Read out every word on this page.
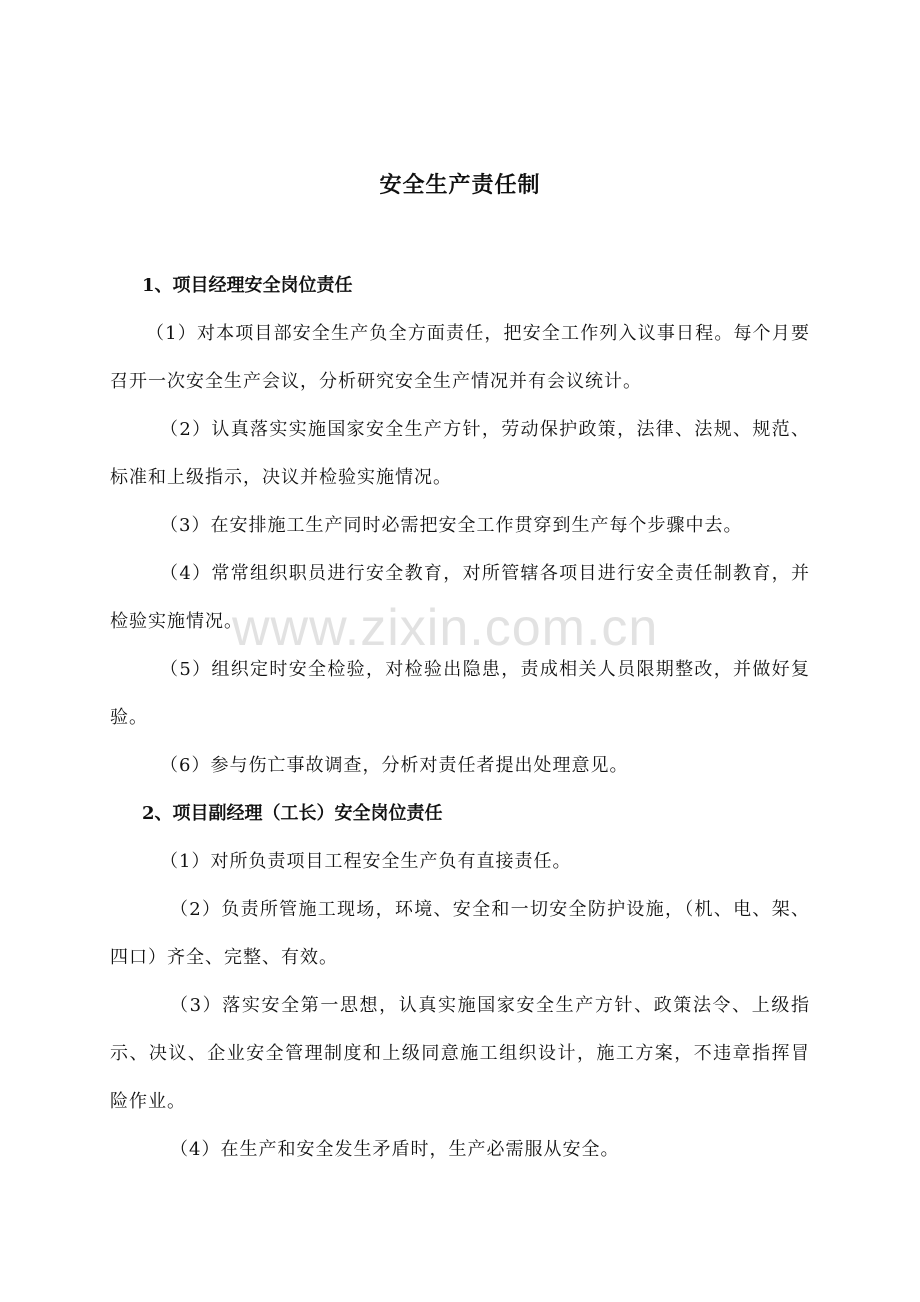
安全生产责任制
1、项目经理安全岗位责任

（1）对本项目部安全生产负全方面责任，把安全工作列入议事日程。每个月要召开一次安全生产会议，分析研究安全生产情况并有会议统计。

（2）认真落实实施国家安全生产方针，劳动保护政策，法律、法规、规范、标准和上级指示，决议并检验实施情况。

（3）在安排施工生产同时必需把安全工作贯穿到生产每个步骤中去。

（4）常常组织职员进行安全教育，对所管辖各项目进行安全责任制教育，并检验实施情况。

（5）组织定时安全检验，对检验出隐患，责成相关人员限期整改，并做好复验。

（6）参与伤亡事故调查，分析对责任者提出处理意见。

2、项目副经理（工长）安全岗位责任

（1）对所负责项目工程安全生产负有直接责任。

（2）负责所管施工现场，环境、安全和一切安全防护设施，（机、电、架、四口）齐全、完整、有效。

（3）落实安全第一思想，认真实施国家安全生产方针、政策法令、上级指示、决议、企业安全管理制度和上级同意施工组织设计，施工方案，不违章指挥冒险作业。

（4）在生产和安全发生矛盾时，生产必需服从安全。

www.zixin.com.cn
